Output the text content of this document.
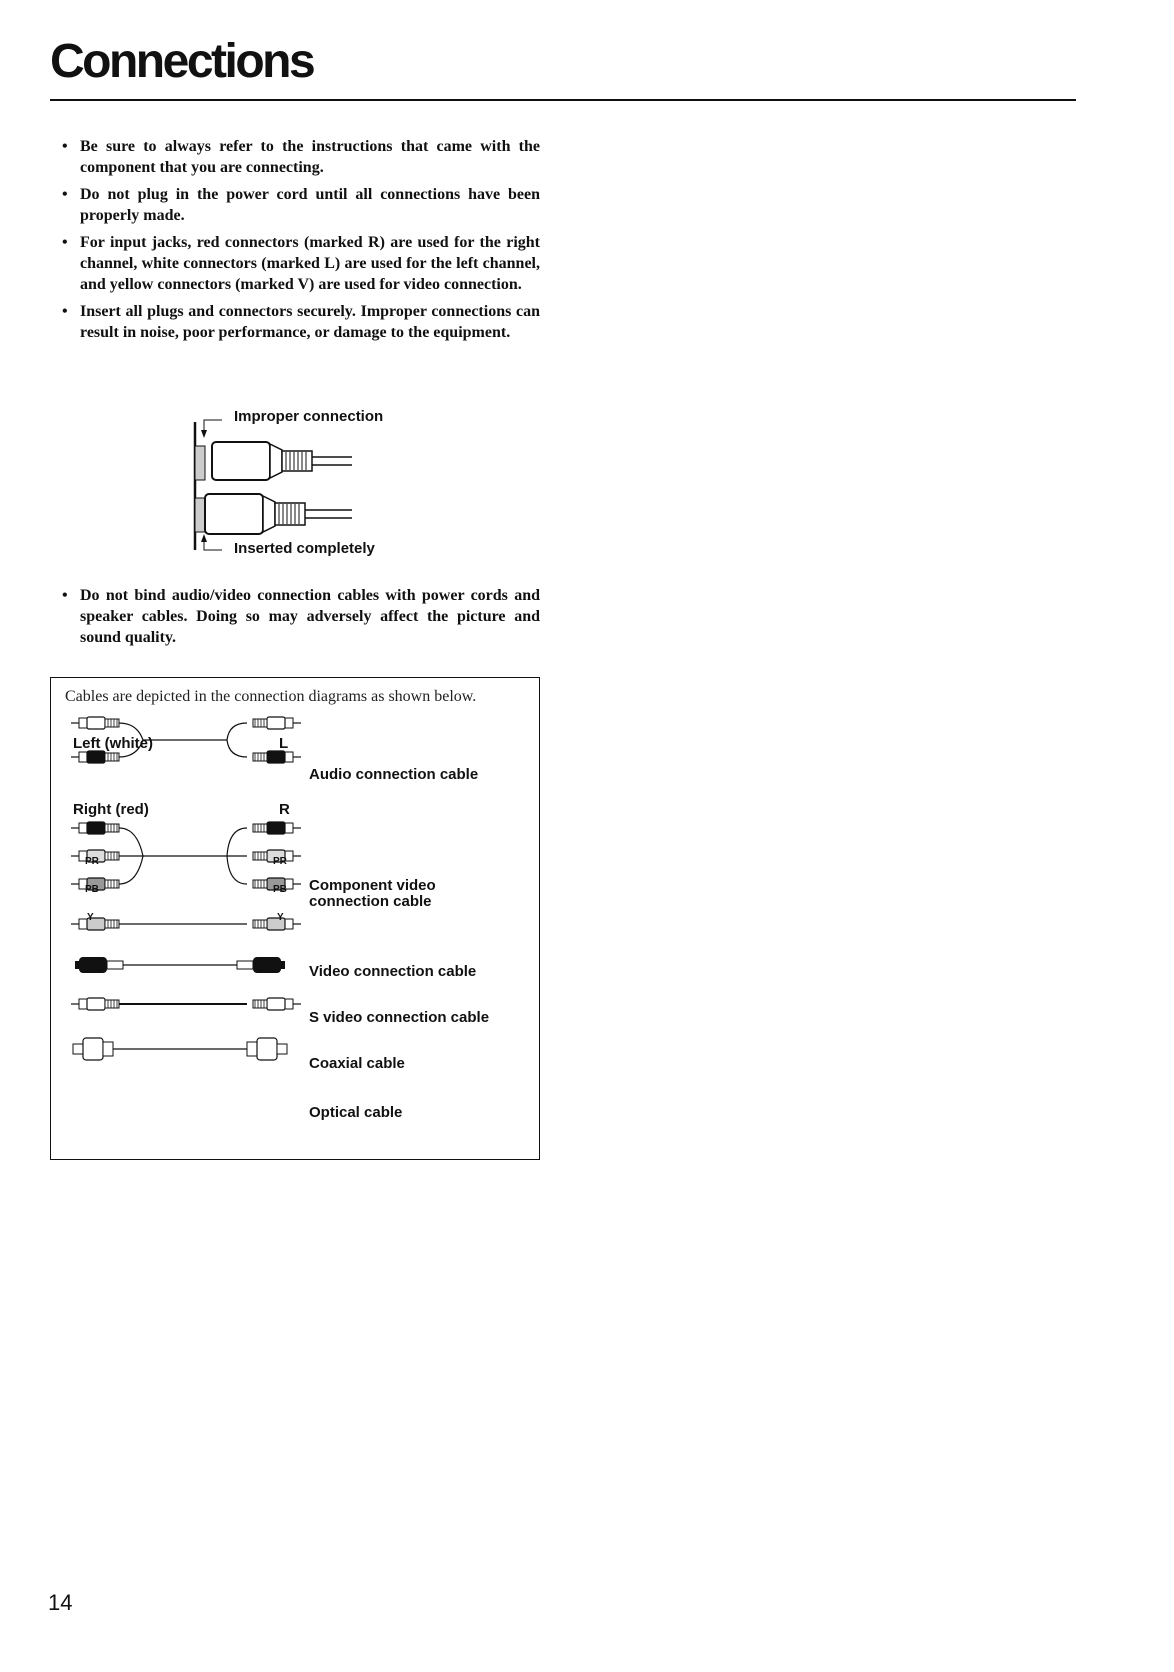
Connections
• Be sure to always refer to the instructions that came with the component that you are connecting.
• Do not plug in the power cord until all connections have been properly made.
• For input jacks, red connectors (marked R) are used for the right channel, white connectors (marked L) are used for the left channel, and yellow connectors (marked V) are used for video connection.
• Insert all plugs and connectors securely. Improper connections can result in noise, poor performance, or damage to the equipment.
Improper connection
Inserted completely
• Do not bind audio/video connection cables with power cords and speaker cables. Doing so may adversely affect the picture and sound quality.

Cables are depicted in the connection diagrams as shown below.

Left (white)	L
Audio connection cable
Right (red)	R
PR
PB
Y
PR
PB
Y
Component video
connection cable
Video connection cable
S video connection cable
Coaxial cable
Optical cable

14
